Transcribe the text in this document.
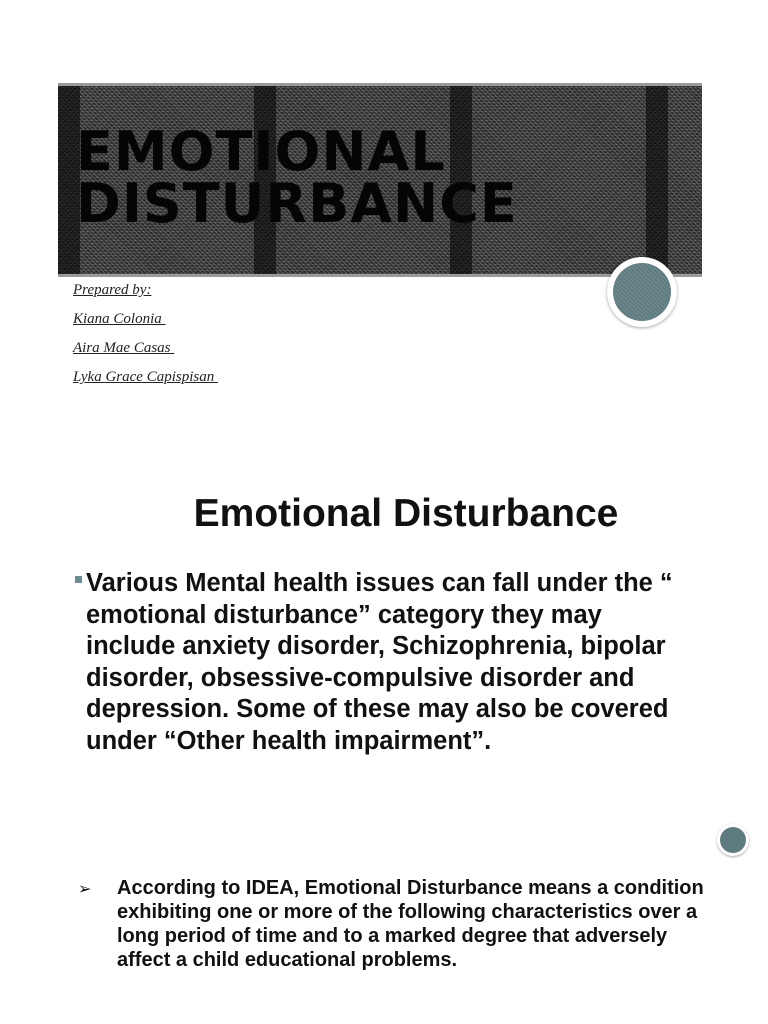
EMOTIONAL
DISTURBANCE
Prepared by:
Kiana Colonia
Aira Mae Casas
Lyka Grace Capispisan
Emotional Disturbance

Various Mental health issues can fall under the “ emotional disturbance” category they may include anxiety disorder, Schizophrenia, bipolar disorder, obsessive-compulsive disorder and depression. Some of these may also be covered under “Other health impairment”.

➢	According to IDEA, Emotional Disturbance means a condition exhibiting one or more of the following characteristics over a long period of time and to a marked degree that adversely affect a child educational problems.
